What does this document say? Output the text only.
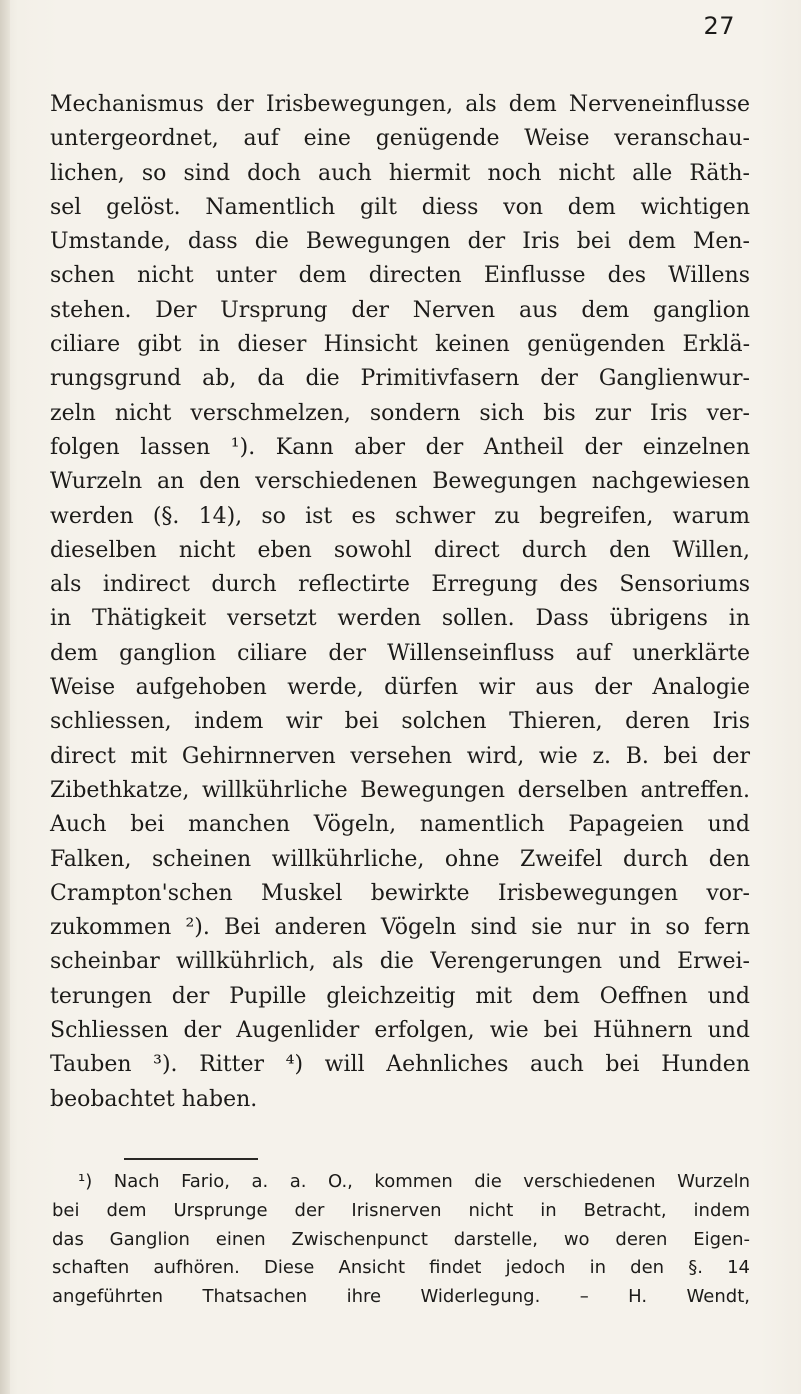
27
Mechanismus der Irisbewegungen, als dem Nerveneinflusse
untergeordnet, auf eine genügende Weise veranschau-
lichen, so sind doch auch hiermit noch nicht alle Räth-
sel gelöst. Namentlich gilt diess von dem wichtigen
Umstande, dass die Bewegungen der Iris bei dem Men-
schen nicht unter dem directen Einflusse des Willens
stehen. Der Ursprung der Nerven aus dem ganglion
ciliare gibt in dieser Hinsicht keinen genügenden Erklä-
rungsgrund ab, da die Primitivfasern der Ganglienwur-
zeln nicht verschmelzen, sondern sich bis zur Iris ver-
folgen lassen ¹). Kann aber der Antheil der einzelnen
Wurzeln an den verschiedenen Bewegungen nachgewiesen
werden (§. 14), so ist es schwer zu begreifen, warum
dieselben nicht eben sowohl direct durch den Willen,
als indirect durch reflectirte Erregung des Sensoriums
in Thätigkeit versetzt werden sollen. Dass übrigens in
dem ganglion ciliare der Willenseinfluss auf unerklärte
Weise aufgehoben werde, dürfen wir aus der Analogie
schliessen, indem wir bei solchen Thieren, deren Iris
direct mit Gehirnnerven versehen wird, wie z. B. bei der
Zibethkatze, willkührliche Bewegungen derselben antreffen.
Auch bei manchen Vögeln, namentlich Papageien und
Falken, scheinen willkührliche, ohne Zweifel durch den
Crampton'schen Muskel bewirkte Irisbewegungen vor-
zukommen ²). Bei anderen Vögeln sind sie nur in so fern
scheinbar willkührlich, als die Verengerungen und Erwei-
terungen der Pupille gleichzeitig mit dem Oeffnen und
Schliessen der Augenlider erfolgen, wie bei Hühnern und
Tauben ³). Ritter ⁴) will Aehnliches auch bei Hunden
beobachtet haben.
¹) Nach Fario, a. a. O., kommen die verschiedenen Wurzeln
bei dem Ursprunge der Irisnerven nicht in Betracht, indem
das Ganglion einen Zwischenpunct darstelle, wo deren Eigen-
schaften aufhören. Diese Ansicht findet jedoch in den §. 14
angeführten Thatsachen ihre Widerlegung. – H. Wendt,
